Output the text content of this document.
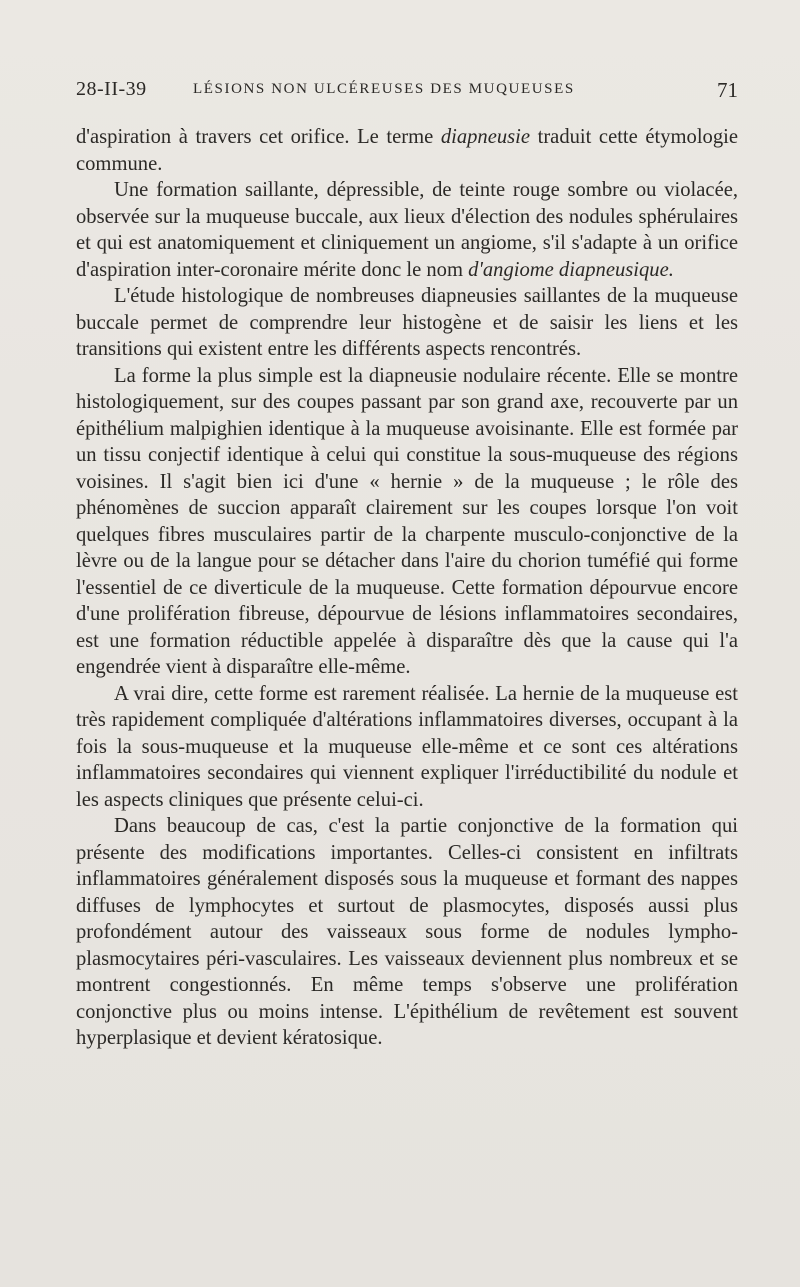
28-II-39	LÉSIONS NON ULCÉREUSES DES MUQUEUSES	71

d'aspiration à travers cet orifice. Le terme diapneusie traduit cette étymologie commune.

Une formation saillante, dépressible, de teinte rouge sombre ou violacée, observée sur la muqueuse buccale, aux lieux d'élection des nodules sphérulaires et qui est anatomiquement et cliniquement un angiome, s'il s'adapte à un orifice d'aspiration inter-coronaire mérite donc le nom d'angiome diapneusique.

L'étude histologique de nombreuses diapneusies saillantes de la muqueuse buccale permet de comprendre leur histogène et de saisir les liens et les transitions qui existent entre les différents aspects rencontrés.

La forme la plus simple est la diapneusie nodulaire récente. Elle se montre histologiquement, sur des coupes passant par son grand axe, recouverte par un épithélium malpighien identique à la muqueuse avoisinante. Elle est formée par un tissu conjectif identique à celui qui constitue la sous-muqueuse des régions voisines. Il s'agit bien ici d'une « hernie » de la muqueuse ; le rôle des phénomènes de succion apparaît clairement sur les coupes lorsque l'on voit quelques fibres musculaires partir de la charpente musculo-conjonctive de la lèvre ou de la langue pour se détacher dans l'aire du chorion tuméfié qui forme l'essentiel de ce diverticule de la muqueuse. Cette formation dépourvue encore d'une prolifération fibreuse, dépourvue de lésions inflammatoires secondaires, est une formation réductible appelée à disparaître dès que la cause qui l'a engendrée vient à disparaître elle-même.

A vrai dire, cette forme est rarement réalisée. La hernie de la muqueuse est très rapidement compliquée d'altérations inflammatoires diverses, occupant à la fois la sous-muqueuse et la muqueuse elle-même et ce sont ces altérations inflammatoires secondaires qui viennent expliquer l'irréductibilité du nodule et les aspects cliniques que présente celui-ci.

Dans beaucoup de cas, c'est la partie conjonctive de la formation qui présente des modifications importantes. Celles-ci consistent en infiltrats inflammatoires généralement disposés sous la muqueuse et formant des nappes diffuses de lymphocytes et surtout de plasmocytes, disposés aussi plus profondément autour des vaisseaux sous forme de nodules lympho-plasmocytaires péri-vasculaires. Les vaisseaux deviennent plus nombreux et se montrent congestionnés. En même temps s'observe une prolifération conjonctive plus ou moins intense. L'épithélium de revêtement est souvent hyperplasique et devient kératosique.
